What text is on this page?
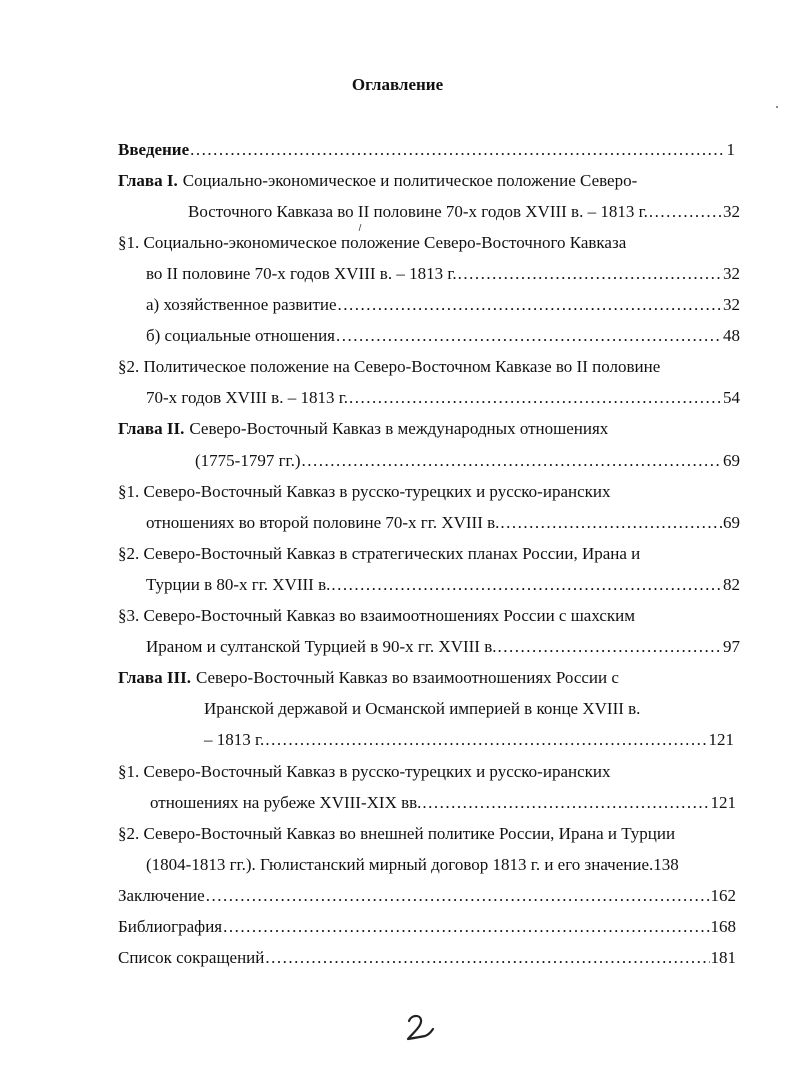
Оглавление
Введение .....	1
Глава I. Социально-экономическое и политическое положение Северо-
Восточного Кавказа во II половине 70-х годов XVIII в. – 1813 г. .....	32
§1. Социально-экономическое положение Северо-Восточного Кавказа
во II половине 70-х годов XVIII в. – 1813 г. .....	32
а) хозяйственное развитие .....	32
б) социальные отношения .....	48
§2. Политическое положение на Северо-Восточном Кавказе во II половине
70-х годов XVIII в. – 1813 г. .....	54
Глава II. Северо-Восточный Кавказ в международных отношениях
(1775-1797 гг.) .....	69
§1. Северо-Восточный Кавказ в русско-турецких и русско-иранских
отношениях во второй половине 70-х гг. XVIII в. .....	69
§2. Северо-Восточный Кавказ в стратегических планах России, Ирана и
Турции в 80-х гг. XVIII в. .....	82
§3. Северо-Восточный Кавказ во взаимоотношениях России с шахским
Ираном и султанской Турцией в 90-х гг. XVIII в. .....	97
Глава III. Северо-Восточный Кавказ во взаимоотношениях России с
Иранской державой и Османской империей в конце XVIII в.
– 1813 г. .....	121
§1. Северо-Восточный Кавказ в русско-турецких и русско-иранских
отношениях на рубеже XVIII-XIX вв. .....	121
§2. Северо-Восточный Кавказ во внешней политике России, Ирана и Турции
(1804-1813 гг.). Гюлистанский мирный договор 1813 г. и его значение.138
Заключение .....	162
Библиография .....	168
Список сокращений .....	181
